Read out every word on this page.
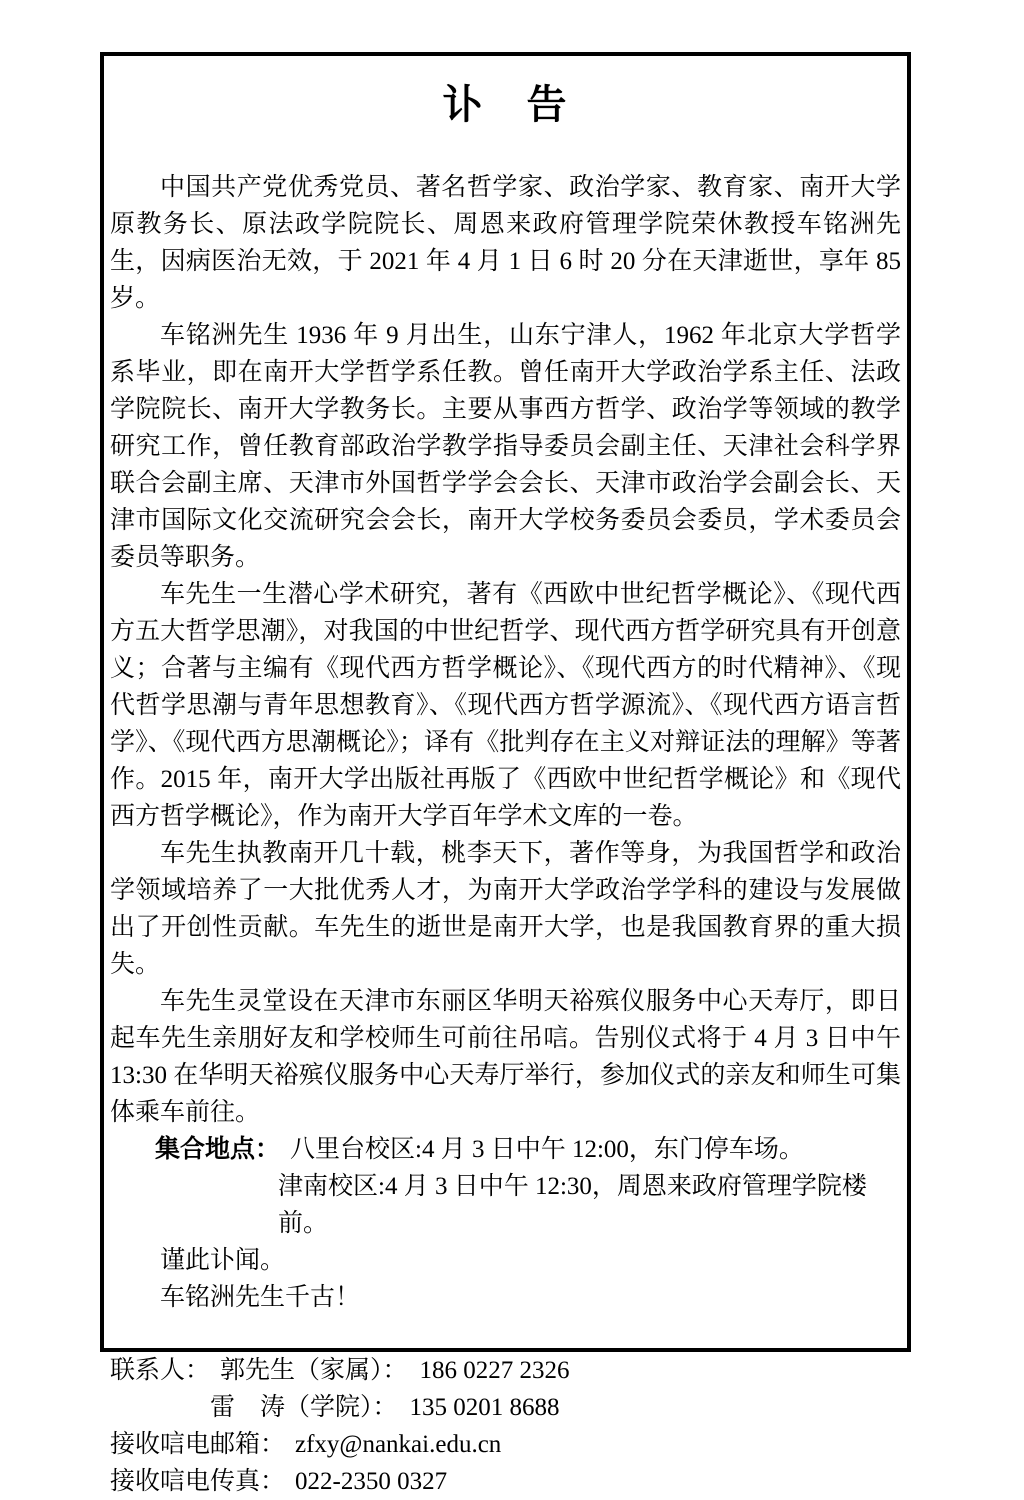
讣　告

中国共产党优秀党员、著名哲学家、政治学家、教育家、南开大学原教务长、原法政学院院长、周恩来政府管理学院荣休教授车铭洲先生，因病医治无效，于 2021 年 4 月 1 日 6 时 20 分在天津逝世，享年 85 岁。

车铭洲先生 1936 年 9 月出生，山东宁津人，1962 年北京大学哲学系毕业，即在南开大学哲学系任教。曾任南开大学政治学系主任、法政学院院长、南开大学教务长。主要从事西方哲学、政治学等领域的教学研究工作，曾任教育部政治学教学指导委员会副主任、天津社会科学界联合会副主席、天津市外国哲学学会会长、天津市政治学会副会长、天津市国际文化交流研究会会长，南开大学校务委员会委员，学术委员会委员等职务。

车先生一生潜心学术研究，著有《西欧中世纪哲学概论》、《现代西方五大哲学思潮》，对我国的中世纪哲学、现代西方哲学研究具有开创意义；合著与主编有《现代西方哲学概论》、《现代西方的时代精神》、《现代哲学思潮与青年思想教育》、《现代西方哲学源流》、《现代西方语言哲学》、《现代西方思潮概论》；译有《批判存在主义对辩证法的理解》等著作。2015 年，南开大学出版社再版了《西欧中世纪哲学概论》和《现代西方哲学概论》，作为南开大学百年学术文库的一卷。

车先生执教南开几十载，桃李天下，著作等身，为我国哲学和政治学领域培养了一大批优秀人才，为南开大学政治学学科的建设与发展做出了开创性贡献。车先生的逝世是南开大学，也是我国教育界的重大损失。

车先生灵堂设在天津市东丽区华明天裕殡仪服务中心天寿厅，即日起车先生亲朋好友和学校师生可前往吊唁。告别仪式将于 4 月 3 日中午 13:30 在华明天裕殡仪服务中心天寿厅举行，参加仪式的亲友和师生可集体乘车前往。

集合地点： 八里台校区:4 月 3 日中午 12:00，东门停车场。
津南校区:4 月 3 日中午 12:30，周恩来政府管理学院楼前。

谨此讣闻。

车铭洲先生千古！

联系人： 郭先生（家属）： 186 0227 2326
雷　涛（学院）： 135 0201 8688
接收唁电邮箱： zfxy@nankai.edu.cn
接收唁电传真： 022-2350 0327
